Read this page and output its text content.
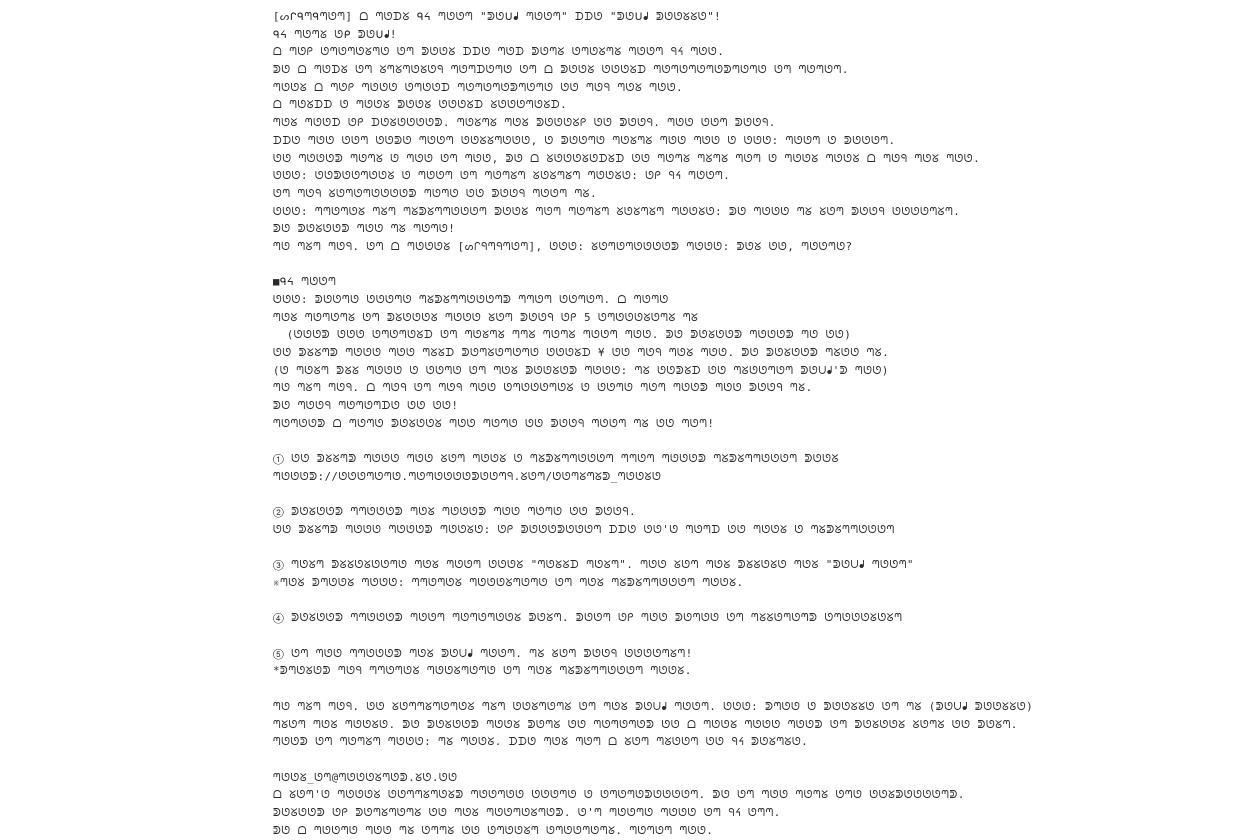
[ᔕᒋᑫᘉᑫᘉᘎᘉ] ᗝ ᘉᘎᗪᘜ ᑫᔦ ᘉᘎᘎᘉ "ᕲᘎᑌᖱ ᘉᘎᘎᘉ" ᗪᗪᘎ "ᕲᘎᑌᖱ ᕲᘎᘎᘜᘜᘎ"!
ᑫᔦ ᘉᘎᘉᘜ ᘎᑭ ᕲᘎᑌᖱ!
ᗝ ᘉᘎᑭ ᘎᘉᘎᘉᘎᘜᘉᘎ ᘎᘉ ᕲᘎᘎᘜ ᗪᗪᘎ ᘉᘎᗪ ᕲᘎᘉᘜ ᘎᘉᘎᘜᘉᘜ ᘉᘎᘎᘉ ᑫᔦ ᘉᘎᘎ.
ᕲᘎ ᗝ ᘉᘎᗪᘜ ᘎᘉ ᘜᘉᘜᘉᘎᘜᘎᑫ ᘉᘎᘉᗪᘎᘉᘎ ᘎᘉ ᗝ ᕲᘎᘎᘜ ᘎᘎᘎᘜᗪ ᘉᘎᘉᘎᘉᘎᘉᘎᕲᘉᘎᘉᘎ ᘎᘉ ᘉᘎᘉᘎᘉ.
ᘉᘎᘎᘜ ᗝ ᘉᘎᑭ ᘉᘎᘎᘎ ᘎᘉᘎᘎᗪ ᘉᘎᘉᘎᘉᘎᕲᘉᘎᘉᘎ ᘎᘎ ᘉᘎᑫ ᘉᘎᘜ ᘉᘎᘎ.
ᗝ ᘉᘎᘜᗪᗪ ᘎ ᘉᘎᘎᘜ ᕲᘎᘎᘜ ᘎᘎᘎᘜᗪ ᘜᘎᘎᘎᘉᘎᘜᗪ.
ᘉᘎᘜ ᘉᘎᘎᗪ ᘎᑭ ᗪᘎᘜᘎᘎᘎᘎᕲ. ᘉᘎᘜᘉᘜ ᘉᘎᘜ ᕲᘎᘎᘎᘜᑭ ᘎᘎ ᕲᘎᘎᑫ. ᘉᘎᘎ ᘎᘎᘉ ᕲᘎᘎᑫ.
ᗪᗪᘎ ᘉᘎᘎ ᘎᘎᘉ ᘎᘎᕲᘎ ᘉᘎᘎᘉ ᘎᘎᘜᘜᘉᘎᘎᘎ, ᘎ ᕲᘎᘎᘉᘎ ᘉᘎᘜᘉᘜ ᘉᘎᘎ ᘉᘎᘎ ᘎ ᘎᘎᘎ: ᘉᘎᘎᘉ ᘎ ᕲᘎᘎᘎᘉ.
ᘎᘎ ᘉᘎᘎᘎᕲ ᘉᘎᘉᘜ ᘎ ᘉᘎᘎ ᘎᘉ ᘉᘎᘎ, ᕲᘎ ᗝ ᘜᘎᘎᘎᘜᘎᗪᘜᗪ ᘎᘎ ᘉᘎᘉᘜ ᘉᘜᘉᘜ ᘉᘎᘉ ᘎ ᘉᘎᘎᘜ ᘉᘎᘎᘜ ᗝ ᘉᘎᑫ ᘉᘎᘜ ᘉᘎᘎ.
ᘎᘎᘎ: ᘎᘎᕲᘎᘎᘉᘎᘎᘜ ᘎ ᘉᘎᘎᘉ ᘎᘉ ᘉᘎᘉᘜᘉ ᘜᘎᘜᘉᘜᘉ ᘉᘎᘎᘜᘎ: ᘎᑭ ᑫᔦ ᘉᘎᘎᘉ.
ᘎᘉ ᘉᘎᑫ ᘜᘎᘉᘎᘉᘎᘎᘎᘎᕲ ᘉᘎᘉᘎ ᘎᘎ ᕲᘎᘎᑫ ᘉᘎᘎᘉ ᘉᘜ.
ᘎᘎᘎ: ᘉᘉᘎᘉᘎᘜ ᘉᘜᘉ ᘉᘜᕲᘜᘉᘉᘎᘎᘎᘉ ᕲᘎᘎᘜ ᘉᘎᘉ ᘉᘎᘉᘜᘉ ᘜᘎᘜᘉᘜᘉ ᘉᘎᘎᘜᘎ: ᕲᘎ ᘉᘎᘎᘎ ᘉᘜ ᘜᘎᘉ ᕲᘎᘎᑫ ᘎᘎᘎᘎᘉᘜᘉ.
ᕲᘎ ᕲᘎᘜᘎᘎᕲ ᘉᘎᘎ ᘉᘜ ᘉᘎᘉᘎ!
ᘉᘎ ᘉᘜᘉ ᘉᘎᑫ. ᘎᘉ ᗝ ᘉᘎᘎᘎᘜ [ᔕᒋᑫᘉᑫᘉᘎᘉ], ᘎᘎᘎ: ᘜᘎᘉᘎᘉᘎᘎᘎᘎᕲ ᘉᘎᘎᘎ: ᕲᘎᘜ ᘎᘎ, ᘉᘎᘎᘉᘎ?
■ᑫᔦ ᘉᘎᘎᘉ
ᘎᘎᘎ: ᕲᘎᘎᘉᘎ ᘎᘎᘎᘉᘎ ᘉᘜᕲᘜᘉᘉᘎᘎᘎᘉᕲ ᘉᘉᘎᘉ ᘎᘎᘉᘎᘉ. ᗝ ᘉᘎᘉᘎ
ᘉᘎᘜ ᘉᘎᘉᘎᘉᘜ ᘎᘉ ᕲᘜᘎᘎᘎᘜ ᘉᘎᘎᘎ ᘜᘎᘉ ᕲᘎᘎᑫ ᘎᑭ 5 ᘎᘉᘎᘎᘎᘜᘎᘉᘜ ᘉᘜ
(ᘎᘎᘎᕲ ᘎᘎᘎ ᘎᘉᘎᘉᘎᘜᗪ ᘎᘉ ᘉᘎᘜᘉᘜ ᘉᘉᘜ ᘉᘎᘉᘜ ᘉᘎᘎᘉ ᘉᘎᘎ. ᕲᘎ ᕲᘎᘜᘎᘎᕲ ᘉᘎᘎᘎᕲ ᘉᘎ ᘎᘎ)
ᘎᘎ ᕲᘜᘜᘉᕲ ᘉᘎᘎᘎ ᘉᘎᘎ ᘉᘜᘜᗪ ᕲᘎᘉᘜᘎᘉᘎᘉᘎ ᘎᘎᘎᘜᗪ ¥ ᘎᘎ ᘉᘎᑫ ᘉᘎᘜ ᘉᘎᘎ. ᕲᘎ ᕲᘎᘜᘎᘎᕲ ᘉᘜᘎᘎ ᘉᘜ.
(ᘎ ᘉᘎᘜᘉ ᕲᘜᘜ ᘉᘎᘎᘎ ᘎ ᘎᘎᘉᘎ ᘎᘉ ᘉᘎᘜ ᕲᘎᘎᘜᘎᕲ ᘉᘎᘎᘎ: ᘉᘜ ᘎᘎᕲᘜᗪ ᘎᘎ ᘉᘜᘎᘎᘉᘎᘉ ᕲᘎᑌᖱ'ᕲ ᘉᘎᘎ)
ᘉᘎ ᘉᘜᘉ ᘉᘎᑫ. ᗝ ᘉᘎᑫ ᘎᘉ ᘉᘎᑫ ᘉᘎᘎ ᘎᘉᘎᘎᘎᘉᘎᘜ ᘎ ᘎᘎᘉᘎ ᘉᘎᘉ ᘉᘎᘎᕲ ᘉᘎᘎ ᕲᘎᘎᑫ ᘉᘜ.
ᕲᘎ ᘉᘎᘎᑫ ᘉᘎᘉᘎᘉᗪᘎ ᘎᘎ ᘎᘎ!
ᘉᘎᘉᘎᘎᕲ ᗝ ᘉᘎᘉᘎ ᕲᘎᘜᘎᘎᘜ ᘉᘎᘎ ᘉᘎᘉᘎ ᘎᘎ ᕲᘎᘎᑫ ᘉᘎᘎᘉ ᘉᘜ ᘎᘎ ᘉᘎᘉ!
① ᘎᘎ ᕲᘜᘜᘉᕲ ᘉᘎᘎᘎ ᘉᘎᘎ ᘜᘎᘉ ᘉᘎᘎᘜ ᘎ ᘉᘜᕲᘜᘉᘉᘎᘎᘎᘉ ᘉᘉᘎᘉ ᘉᘎᘎᘎᕲ ᘉᘜᕲᘜᘉᘉᘎᘎᘎᘉ ᕲᘎᘎᘜ
ᘉᘎᘎᘎᕲ://ᘎᘎᘎᘉᘎᘉᘎ.ᘉᘎᘉᘎᘎᘎᘎᕲᘎᘎᘉᑫ.ᘜᘎᘉ/ᘎᘎᘉᘜᘉᘜᕲ_ᘉᘎᘎᘜᘎ
② ᕲᘎᘜᘎᘎᕲ ᘉᘉᘎᘎᘎᕲ ᘉᘎᘜ ᘉᘎᘎᘎᕲ ᘉᘎᘎ ᘉᘎᘉᘎ ᘎᘎ ᕲᘎᘎᑫ.
ᘎᘎ ᕲᘜᘜᘉᕲ ᘉᘎᘎᘎ ᘉᘎᘎᘎᕲ ᘉᘎᘎᘜᘎ: ᘎᑭ ᕲᘎᘎᘎᕲᘎᘎᘎᘉ ᗪᗪᘎ ᘎᘎ'ᘎ ᘉᘎᘉᗪ ᘎᘎ ᘉᘎᘎᘜ ᘎ ᘉᘜᕲᘜᘉᘉᘎᘎᘎᘉ
③ ᘉᘎᘜᘉ ᕲᘜᘜᘎᘜᘎᘎᘉᘎ ᘉᘎᘜ ᘉᘎᘎᘉ ᘎᘎᘎᘜ "ᘉᘎᘜᘜᗪ ᘉᘎᘜᘉ". ᘉᘎᘎ ᘜᘎᘉ ᘉᘎᘜ ᕲᘜᘜᘎᘜᘎ ᘉᘎᘜ "ᕲᘎᑌᖱ ᘉᘎᘎᘉ"
※ᘉᘎᘜ ᕲᘉᘎᘎᘜ ᘉᘎᘎᘎ: ᘉᘉᘎᘉᘎᘜ ᘉᘎᘎᘎᘜᘉᘎᘉᘎ ᘎᘉ ᘉᘎᘜ ᘉᘜᕲᘜᘉᘉᘎᘎᘎᘉ ᘉᘎᘎᘜ.
④ ᕲᘎᘜᘎᘎᕲ ᘉᘉᘎᘎᘎᕲ ᘉᘎᘎᘉ ᘉᘎᘉᘎᘉᘎᘎᘜ ᕲᘎᘜᘉ. ᕲᘎᘎᘉ ᘎᑭ ᘉᘎᘎ ᕲᘎᘉᘎᘎ ᘎᘉ ᘉᘜᘜᘎᘉᘎᘉᕲ ᘎᘉᘎᘎᘎᘜᘎᘜᘉ
⑤ ᘎᘉ ᘉᘎᘎ ᘉᘉᘎᘎᘎᕲ ᘉᘎᘜ ᕲᘎᑌᖱ ᘉᘎᘎᘉ. ᘉᘜ ᘜᘎᘉ ᕲᘎᘎᑫ ᘎᘎᘎᘎᘉᘜᘉ!
*ᕲᘉᘎᘜᘎᕲ ᘉᘎᑫ ᘉᘉᘎᘉᘎᘜ ᘉᘎᘎᘜᘉᘎᘉᘎ ᘎᘉ ᘉᘎᘜ ᘉᘜᕲᘜᘉᘉᘎᘎᘎᘉ ᘉᘎᘎᘜ.
ᘉᘎ ᘉᘜᘉ ᘉᘎᑫ. ᘎᘎ ᘜᘎᘉᘉᘜᘉᘎᘉᘎᘜ ᘉᘜᘉ ᘎᘎᘜᘉᘎᘉᘜ ᘎᘉ ᘉᘎᘜ ᕲᘎᑌᖱ ᘉᘎᘎᘉ. ᘎᘎᘎ: ᕲᘉᘎᘎ ᘎ ᕲᘎᘎᘜᘜᘎ ᘎᘉ ᘉᘜ (ᕲᘎᑌᖱ ᕲᘎᘎᘜᘜᘎ)
ᘉᘜᘎᘉ ᘉᘎᘜ ᘉᘎᘎᘜᘎ. ᕲᘎ ᕲᘎᘜᘎᘎᕲ ᘉᘎᘎᘜ ᕲᘎᘉᘜ ᘎᘎ ᘉᘎᘉᘎᘉᘎᕲ ᘎᘎ ᗝ ᘉᘎᘎᘜ ᘉᘎᘎᘎ ᘉᘎᘎᕲ ᘎᘉ ᕲᘎᘜᘎᘎᘜ ᘜᘎᘉᘜ ᘎᘎ ᕲᘎᘜᘉ.
ᘉᘎᘎᕲ ᘎᘉ ᘉᘎᘉᘜᘉ ᘉᘎᘎᘎ: ᘉᘜ ᘉᘎᘎᘜ. ᗪᗪᘎ ᘉᘎᘜ ᘉᘎᘉ ᗝ ᘜᘎᘉ ᘉᘜᘎᘎᘉ ᘎᘎ ᑫᔦ ᕲᘎᘜᘉᘜᘎ.
ᘉᘎᘎᘜ_ᘎᘉ@ᘉᘎᘎᘎᘜᘉᘎᕲ.ᘜᘎ.ᘎᘎ
ᗝ ᘜᘎᘉ'ᘎ ᘉᘎᘎᘎᘜ ᘎᘎᘉᘉᘜᘉᘎᘜᕲ ᘉᘎᘎᘉᘎᘎ ᘎᘎᘎᘉᘎ ᘎ ᘎᘉᘎᘉᘎᕲᘎᘎᘎᘎᘉ. ᕲᘎ ᘎᘉ ᘉᘎᘎ ᘉᘎᘉᘜ ᘎᘉᘎ ᘎᘎᘜᕲᘎᘎᘎᘎᘉᕲ.
ᕲᘎᘜᘎᘎᕲ ᘎᑭ ᕲᘎᘉᘜᘉᘎᘉᘜ ᘎᘎ ᘉᘎᘜ ᘉᘎᘎᘉᘎᘜᘉᘎᕲ. ᘎ'ᘉ ᘉᘎᘎᘉᘎ ᘉᘎᘎᘎ ᘎᘉ ᑫᔦ ᘎᘉᘉ.
ᕲᘎ ᗝ ᘉᘎᘎᘉᘎ ᘉᘎᘎ ᘉᘜ ᘎᘉᘉᘜ ᘎᘎ ᘎᘉᘎᘎᘜᘉ ᘎᘉᘎᘎᘉᘎᘉᘜ. ᘉᘎᘉᘎᘉ ᘉᘎᘎ.
